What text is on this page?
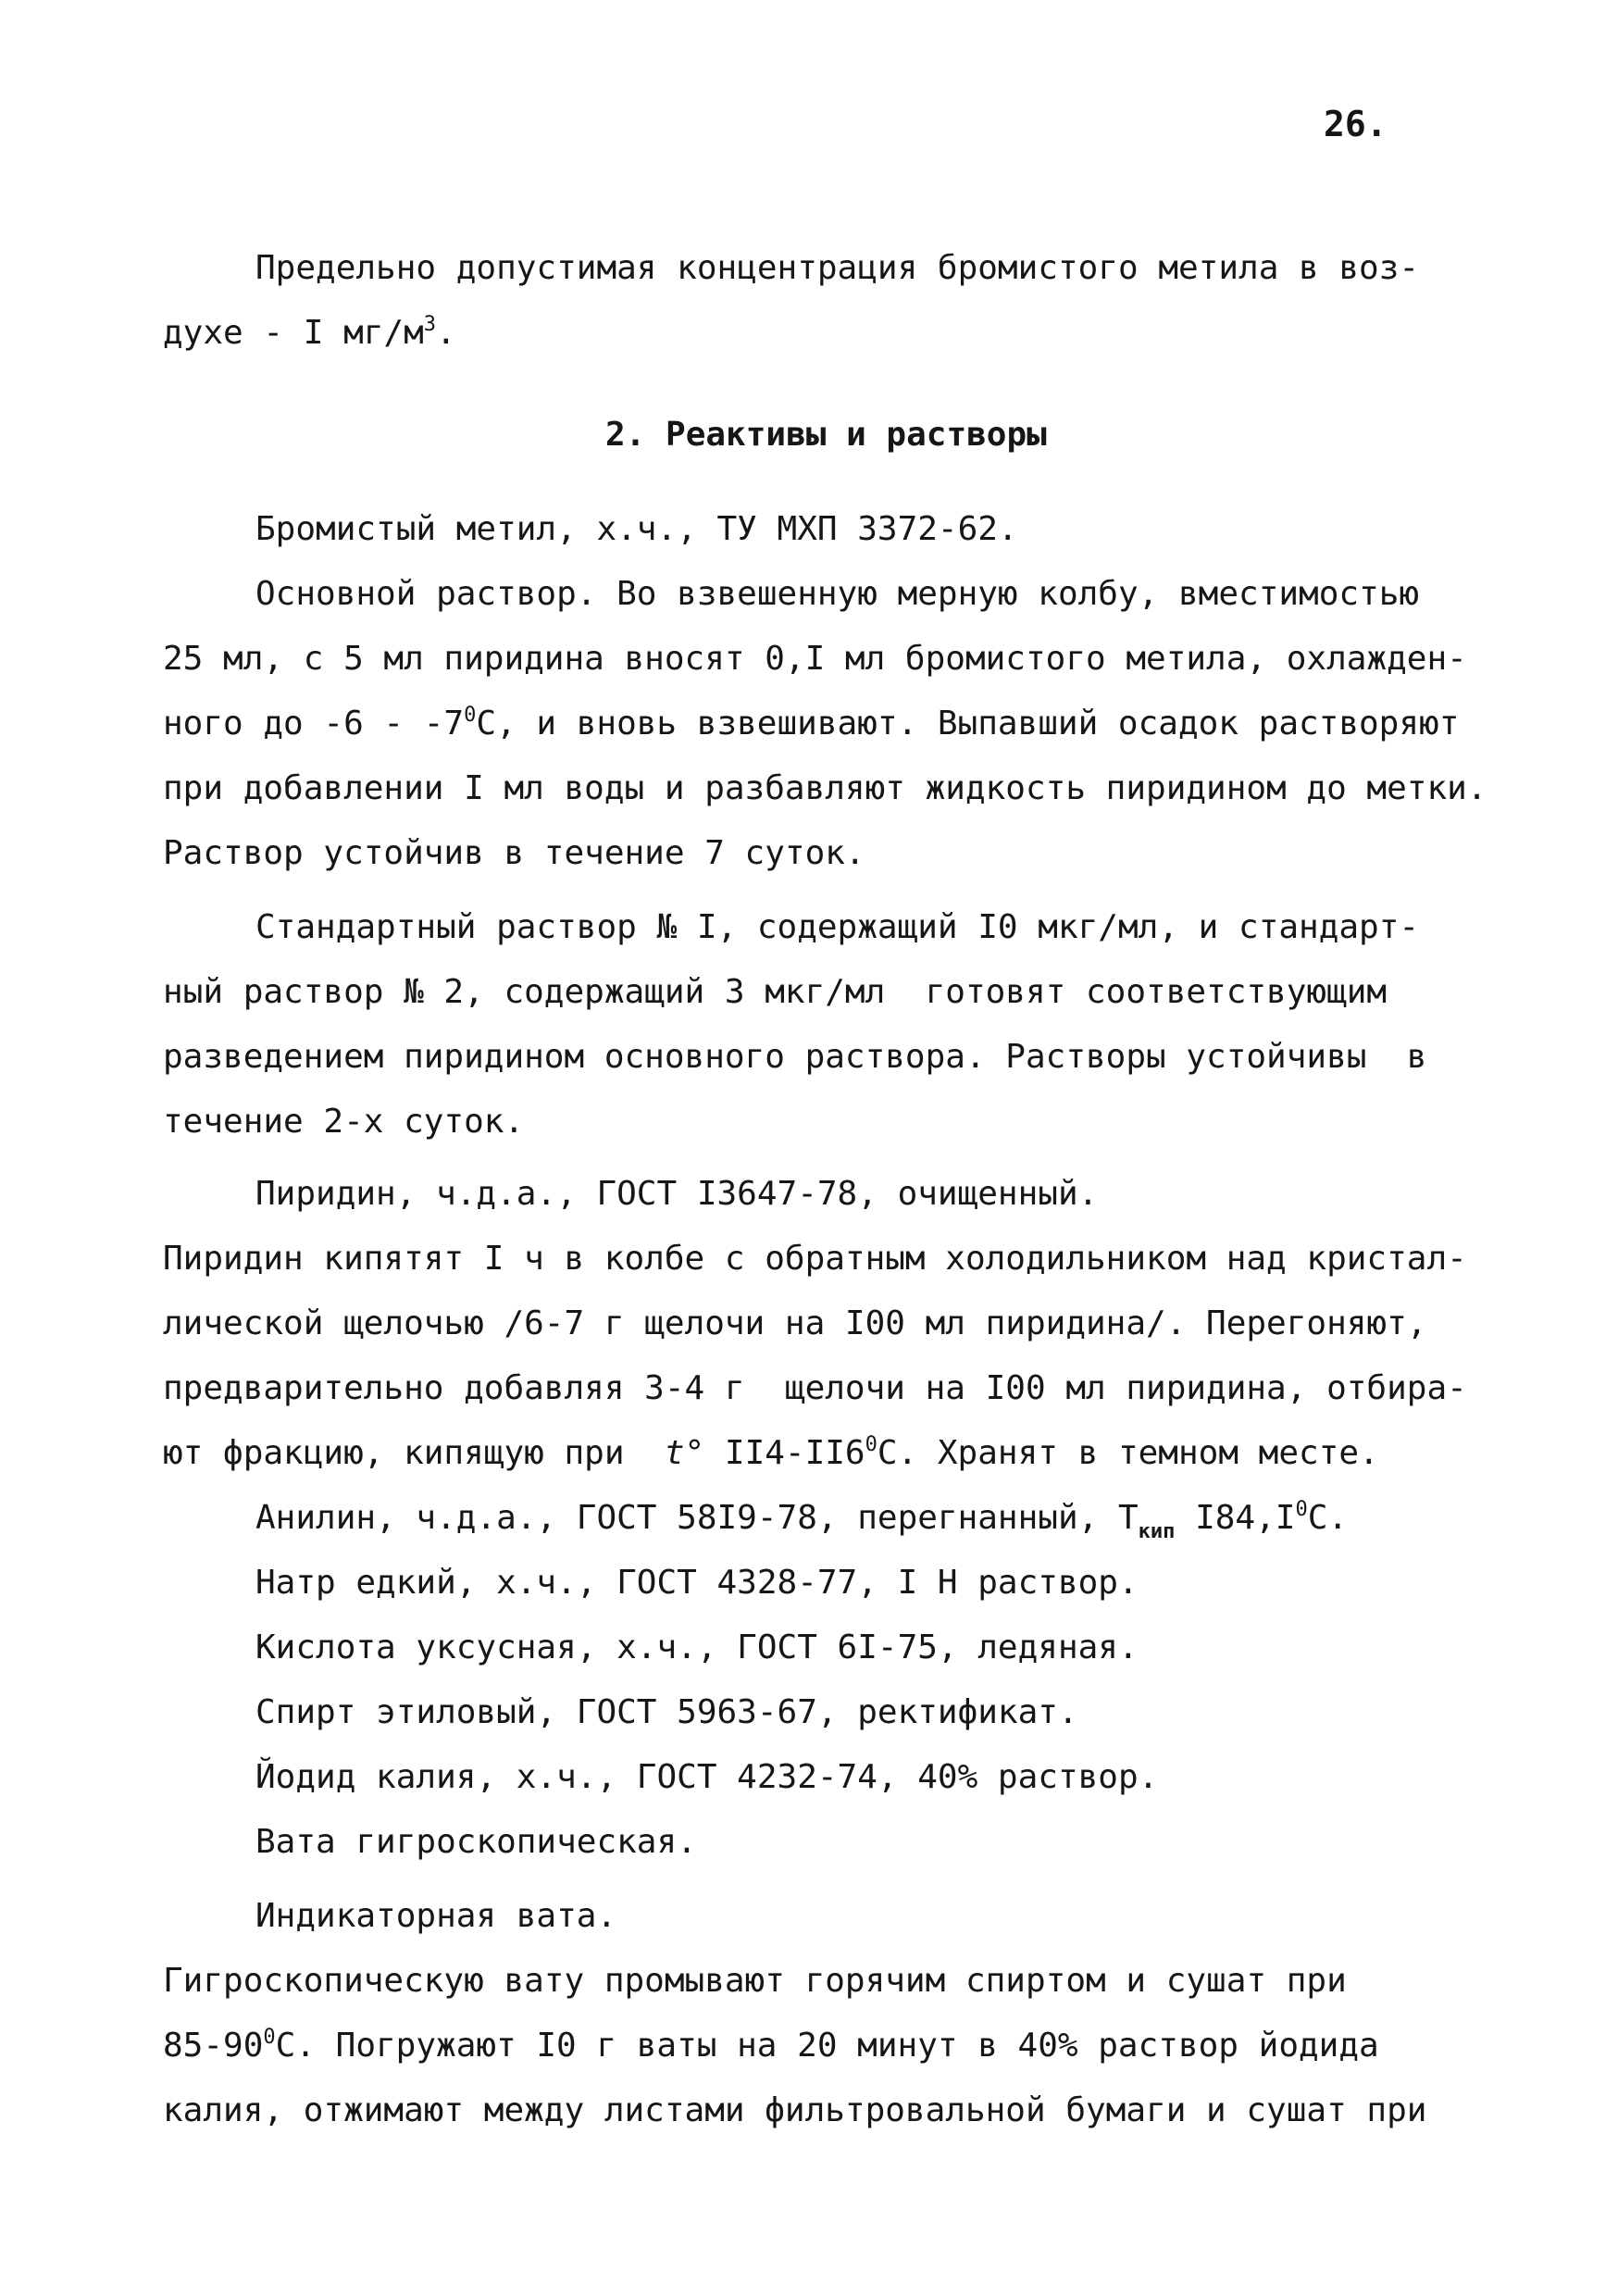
26.
Предельно допустимая концентрация бромистого метила в воз-
духе - I $мг/м^3$.
2. Реактивы и растворы
Бромистый метил, х.ч., ТУ МХП 3372-62.
Основной раствор. Во взвешенную мерную колбу, вместимостью
25 мл, с 5 мл пиридина вносят 0,I мл бромистого метила, охлажден-
ного до $-6 - -7^0С$, и вновь взвешивают. Выпавший осадок растворяют
при добавлении I мл воды и разбавляют жидкость пиридином до метки.
Раствор устойчив в течение 7 суток.
Стандартный раствор № I, содержащий I0 мкг/мл, и стандарт-
ный раствор № 2, содержащий 3 мкг/мл  готовят соответствующим
разведением пиридином основного раствора. Растворы устойчивы  в
течение 2-х суток.
Пиридин, ч.д.а., ГОСТ I3647-78, очищенный.
Пиридин кипятят I ч в колбе с обратным холодильником над кристал-
лической щелочью /6-7 г щелочи на I00 мл пиридина/. Перегоняют,
предварительно добавляя 3-4 г  щелочи на I00 мл пиридина, отбира-
ют фракцию, кипящую при  t° $II4-II6^0С$. Хранят в темном месте.
Анилин, ч.д.а., ГОСТ 58I9-78, перегнанный, $Т_{кип}$ $I84,I^0С$.
Натр едкий, х.ч., ГОСТ 4328-77, I Н раствор.
Кислота уксусная, х.ч., ГОСТ 6I-75, ледяная.
Спирт этиловый, ГОСТ 5963-67, ректификат.
Йодид калия, х.ч., ГОСТ 4232-74, 40% раствор.
Вата гигроскопическая.
Индикаторная вата.
Гигроскопическую вату промывают горячим спиртом и сушат при
$85-90^0С$. Погружают I0 г ваты на 20 минут в 40% раствор йодида
калия, отжимают между листами фильтровальной бумаги и сушат при
